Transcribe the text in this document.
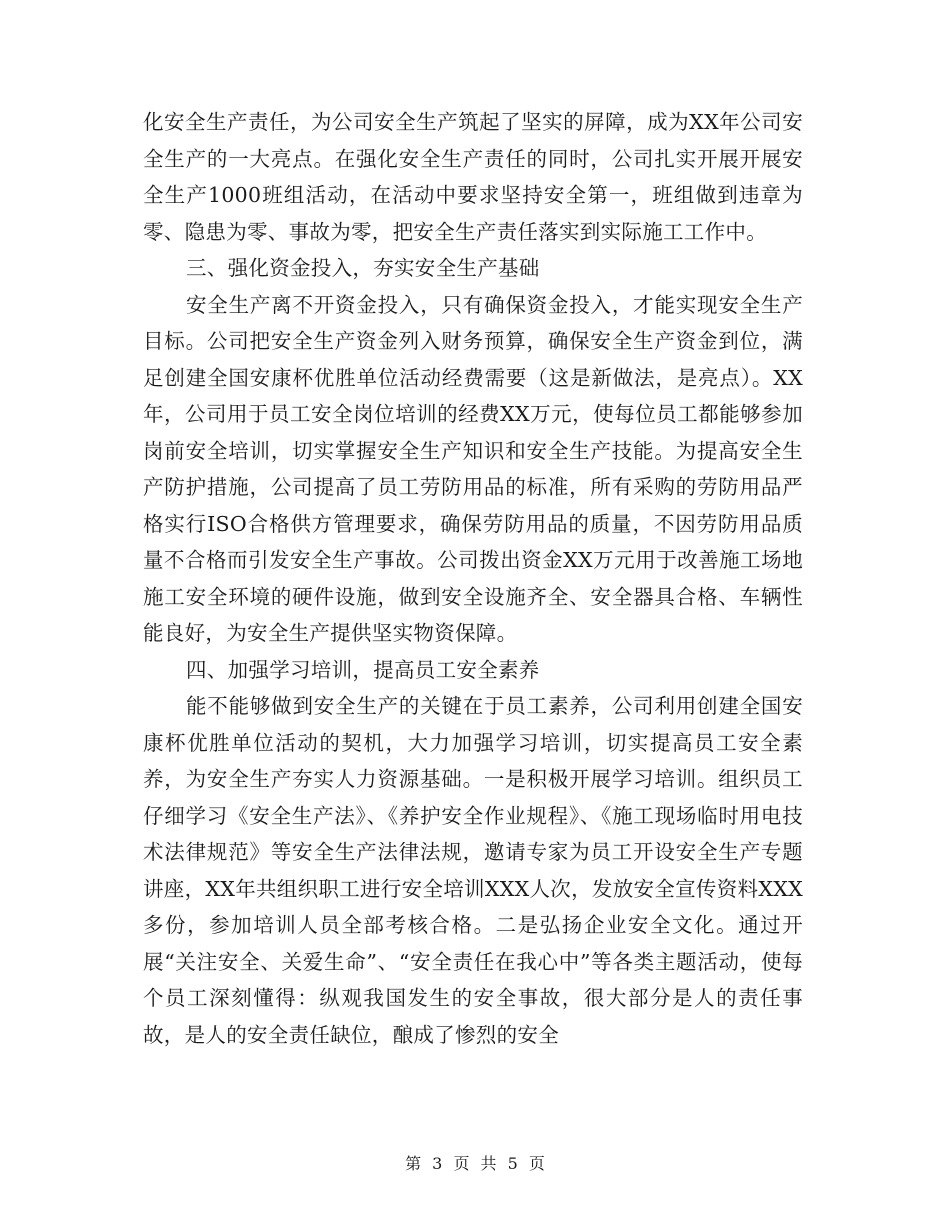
化安全生产责任，为公司安全生产筑起了坚实的屏障，成为XX年公司安全生产的一大亮点。在强化安全生产责任的同时，公司扎实开展开展安全生产1000班组活动，在活动中要求坚持安全第一，班组做到违章为零、隐患为零、事故为零，把安全生产责任落实到实际施工工作中。

三、强化资金投入，夯实安全生产基础

安全生产离不开资金投入，只有确保资金投入，才能实现安全生产目标。公司把安全生产资金列入财务预算，确保安全生产资金到位，满足创建全国安康杯优胜单位活动经费需要（这是新做法，是亮点）。XX年，公司用于员工安全岗位培训的经费XX万元，使每位员工都能够参加岗前安全培训，切实掌握安全生产知识和安全生产技能。为提高安全生产防护措施，公司提高了员工劳防用品的标准，所有采购的劳防用品严格实行ISO合格供方管理要求，确保劳防用品的质量，不因劳防用品质量不合格而引发安全生产事故。公司拨出资金XX万元用于改善施工场地施工安全环境的硬件设施，做到安全设施齐全、安全器具合格、车辆性能良好，为安全生产提供坚实物资保障。

四、加强学习培训，提高员工安全素养

能不能够做到安全生产的关键在于员工素养，公司利用创建全国安康杯优胜单位活动的契机，大力加强学习培训，切实提高员工安全素养，为安全生产夯实人力资源基础。一是积极开展学习培训。组织员工仔细学习《安全生产法》、《养护安全作业规程》、《施工现场临时用电技术法律规范》等安全生产法律法规，邀请专家为员工开设安全生产专题讲座，XX年共组织职工进行安全培训XXX人次，发放安全宣传资料XXX多份，参加培训人员全部考核合格。二是弘扬企业安全文化。通过开展“关注安全、关爱生命”、“安全责任在我心中”等各类主题活动，使每个员工深刻懂得：纵观我国发生的安全事故，很大部分是人的责任事故，是人的安全责任缺位，酿成了惨烈的安全

第 3 页 共 5 页
